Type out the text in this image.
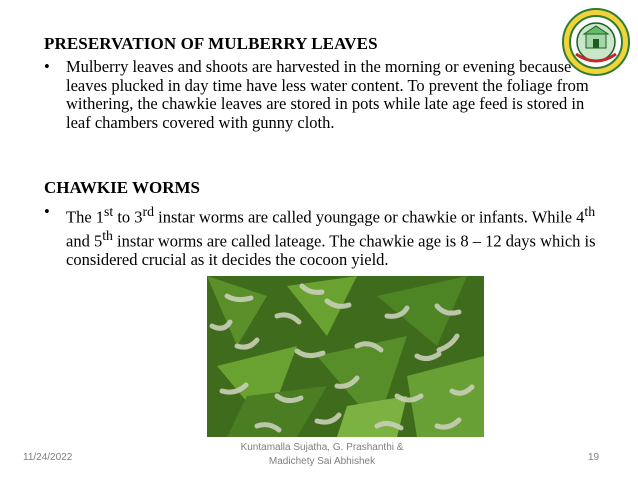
PRESERVATION OF MULBERRY LEAVES
• Mulberry leaves and shoots are harvested in the morning or evening because leaves plucked in day time have less water content. To prevent the foliage from withering, the chawkie leaves are stored in pots while late age feed is stored in leaf chambers covered with gunny cloth.
CHAWKIE WORMS
• The 1st to 3rd instar worms are called youngage or chawkie or infants. While 4th and 5th instar worms are called lateage. The chawkie age is 8 – 12 days which is considered crucial as it decides the cocoon yield.
11/24/2022
Kuntamalla Sujatha, G. Prashanthi &
Madichety Sai Abhishek	19
